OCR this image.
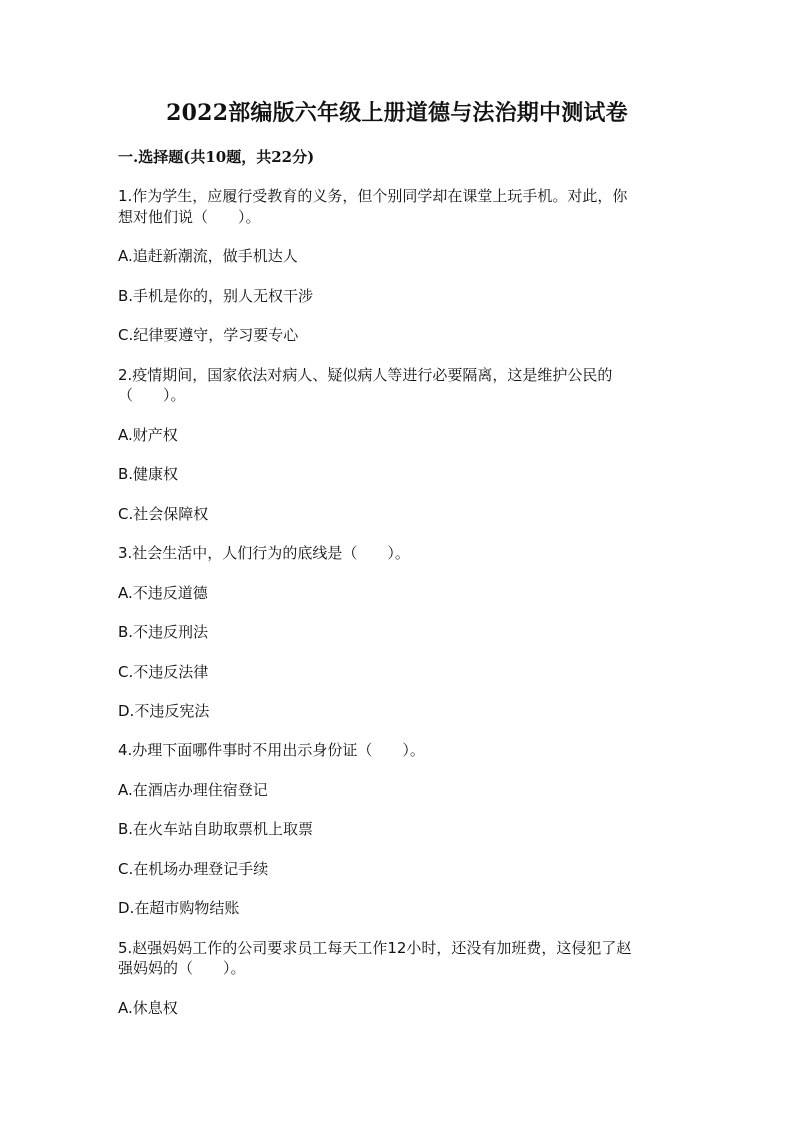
2022部编版六年级上册道德与法治期中测试卷
一.选择题(共10题，共22分)
1.作为学生，应履行受教育的义务，但个别同学却在课堂上玩手机。对此，你
想对他们说（　　）。
A.追赶新潮流，做手机达人
B.手机是你的，别人无权干涉
C.纪律要遵守，学习要专心
2.疫情期间，国家依法对病人、疑似病人等进行必要隔离，这是维护公民的
（　　）。
A.财产权
B.健康权
C.社会保障权
3.社会生活中，人们行为的底线是（　　）。
A.不违反道德
B.不违反刑法
C.不违反法律
D.不违反宪法
4.办理下面哪件事时不用出示身份证（　　）。
A.在酒店办理住宿登记
B.在火车站自助取票机上取票
C.在机场办理登记手续
D.在超市购物结账
5.赵强妈妈工作的公司要求员工每天工作12小时，还没有加班费，这侵犯了赵
强妈妈的（　　）。
A.休息权
